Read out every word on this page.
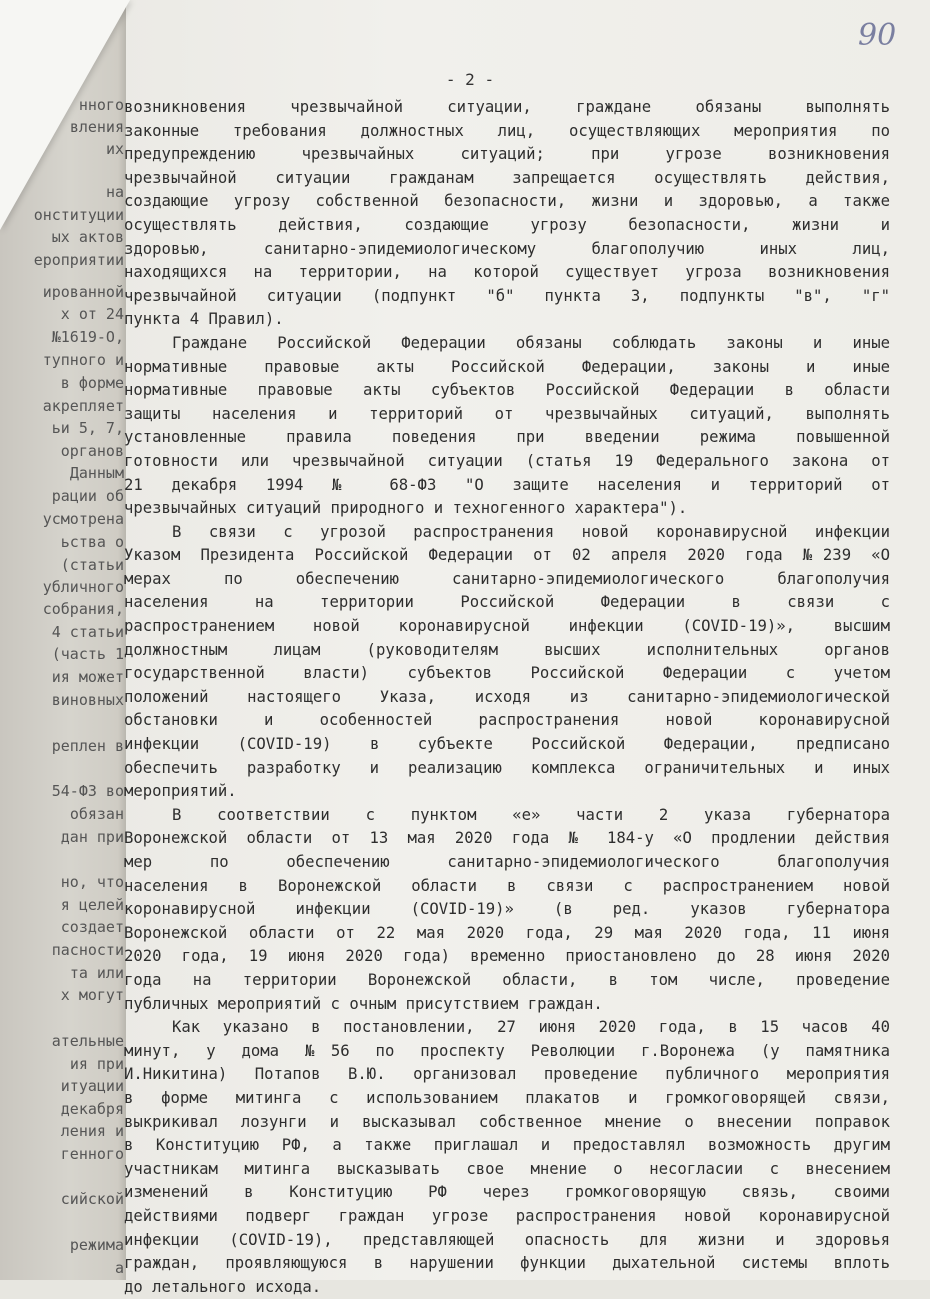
нного
вления
их
на
онституции
ых актов
ероприятии
ированной
х от 24
№1619-О,
тупного и
в форме
акрепляет
ьи 5, 7,
органов
Данным
рации об
усмотрена
ьства о
(статьи
убличного
собрания,
4 статьи
(часть 1
ия может
виновных
реплен в
54-ФЗ во
обязан
дан при
но, что
я целей
создает
пасности
та или
х могут
ательные
ия при
итуации
декабря
ления и
генного
сийской
режима
а
90
- 2 -
возникновения чрезвычайной ситуации, граждане обязаны выполнять
законные требования должностных лиц, осуществляющих мероприятия по
предупреждению чрезвычайных ситуаций; при угрозе возникновения
чрезвычайной ситуации гражданам запрещается осуществлять действия,
создающие угрозу собственной безопасности, жизни и здоровью, а также
осуществлять действия, создающие угрозу безопасности, жизни и
здоровью, санитарно-эпидемиологическому благополучию иных лиц,
находящихся на территории, на которой существует угроза возникновения
чрезвычайной ситуации (подпункт "б" пункта 3, подпункты "в", "г"
пункта 4 Правил).
Граждане Российской Федерации обязаны соблюдать законы и иные
нормативные правовые акты Российской Федерации, законы и иные
нормативные правовые акты субъектов Российской Федерации в области
защиты населения и территорий от чрезвычайных ситуаций, выполнять
установленные правила поведения при введении режима повышенной
готовности или чрезвычайной ситуации (статья 19 Федерального закона от
21 декабря 1994 № 68-ФЗ "О защите населения и территорий от
чрезвычайных ситуаций природного и техногенного характера").
В связи с угрозой распространения новой коронавирусной инфекции
Указом Президента Российской Федерации от 02 апреля 2020 года №239 «О
мерах по обеспечению санитарно-эпидемиологического благополучия
населения на территории Российской Федерации в связи с
распространением новой коронавирусной инфекции (COVID-19)», высшим
должностным лицам (руководителям высших исполнительных органов
государственной власти) субъектов Российской Федерации с учетом
положений настоящего Указа, исходя из санитарно-эпидемиологической
обстановки и особенностей распространения новой коронавирусной
инфекции (COVID-19) в субъекте Российской Федерации, предписано
обеспечить разработку и реализацию комплекса ограничительных и иных
мероприятий.
В соответствии с пунктом «е» части 2 указа губернатора
Воронежской области от 13 мая 2020 года № 184-у «О продлении действия
мер по обеспечению санитарно-эпидемиологического благополучия
населения в Воронежской области в связи с распространением новой
коронавирусной инфекции (COVID-19)» (в ред. указов губернатора
Воронежской области от 22 мая 2020 года, 29 мая 2020 года, 11 июня
2020 года, 19 июня 2020 года) временно приостановлено до 28 июня 2020
года на территории Воронежской области, в том числе, проведение
публичных мероприятий с очным присутствием граждан.
Как указано в постановлении, 27 июня 2020 года, в 15 часов 40
минут, у дома №56 по проспекту Революции г.Воронежа (у памятника
И.Никитина) Потапов В.Ю. организовал проведение публичного мероприятия
в форме митинга с использованием плакатов и громкоговорящей связи,
выкрикивал лозунги и высказывал собственное мнение о внесении поправок
в Конституцию РФ, а также приглашал и предоставлял возможность другим
участникам митинга высказывать свое мнение о несогласии с внесением
изменений в Конституцию РФ через громкоговорящую связь, своими
действиями подверг граждан угрозе распространения новой коронавирусной
инфекции (COVID-19), представляющей опасность для жизни и здоровья
граждан, проявляющуюся в нарушении функции дыхательной системы вплоть
до летального исхода.
